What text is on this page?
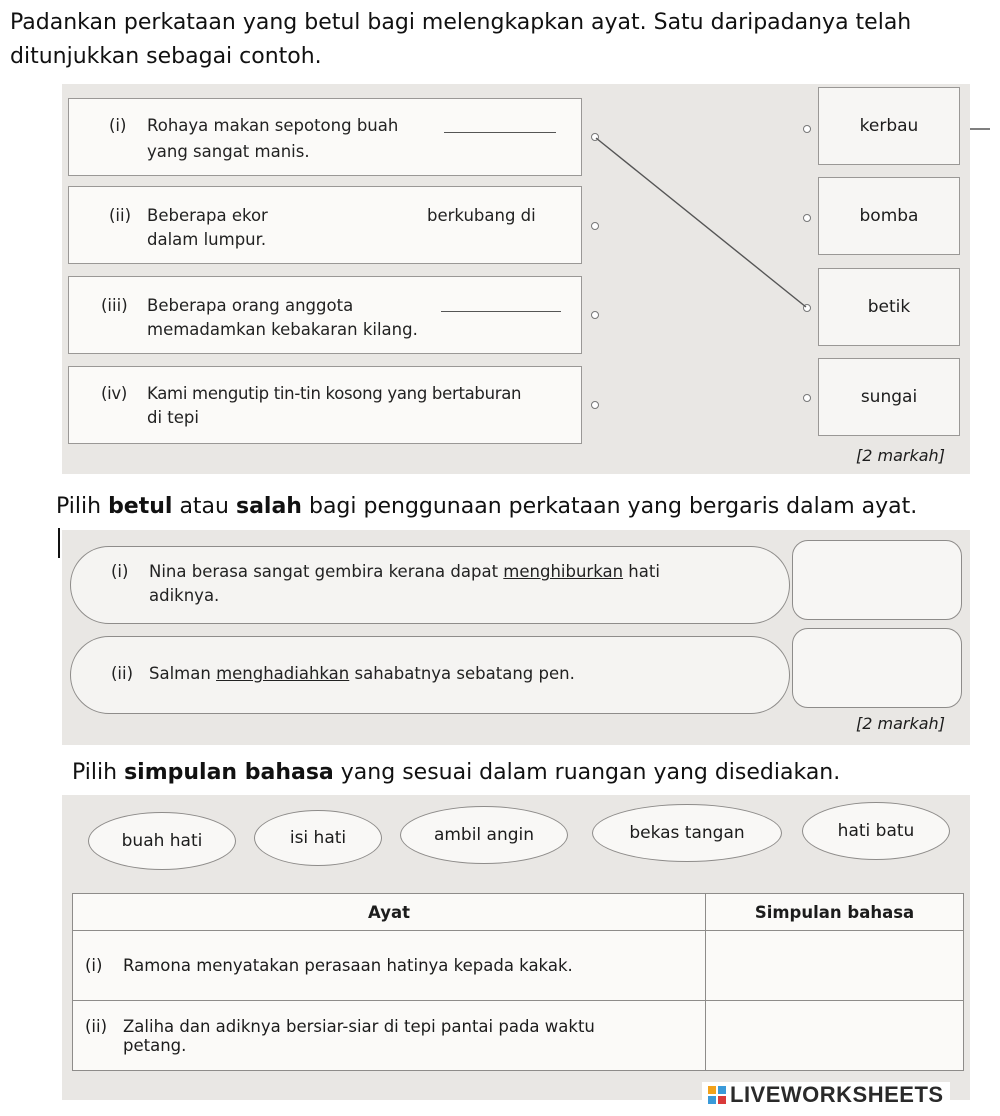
Padankan perkataan yang betul bagi melengkapkan ayat. Satu daripadanya telah ditunjukkan sebagai contoh.
(i) Rohaya makan sepotong buah
yang sangat manis.
(ii) Beberapa ekor	berkubang di
dalam lumpur.
(iii) Beberapa orang anggota
memadamkan kebakaran kilang.
(iv) Kami mengutip tin-tin kosong yang bertaburan
di tepi
kerbau
bomba
betik
sungai
[2 markah]
Pilih betul atau salah bagi penggunaan perkataan yang bergaris dalam ayat.
(i) Nina berasa sangat gembira kerana dapat menghiburkan hati
adiknya.
(ii) Salman menghadiahkan sahabatnya sebatang pen.
[2 markah]
Pilih simpulan bahasa yang sesuai dalam ruangan yang disediakan.
buah hati	isi hati	ambil angin	bekas tangan	hati batu
Ayat	Simpulan bahasa
(i) Ramona menyatakan perasaan hatinya kepada kakak.	
(ii) Zaliha dan adiknya bersiar-siar di tepi pantai pada waktu
petang.	
LIVEWORKSHEETS
